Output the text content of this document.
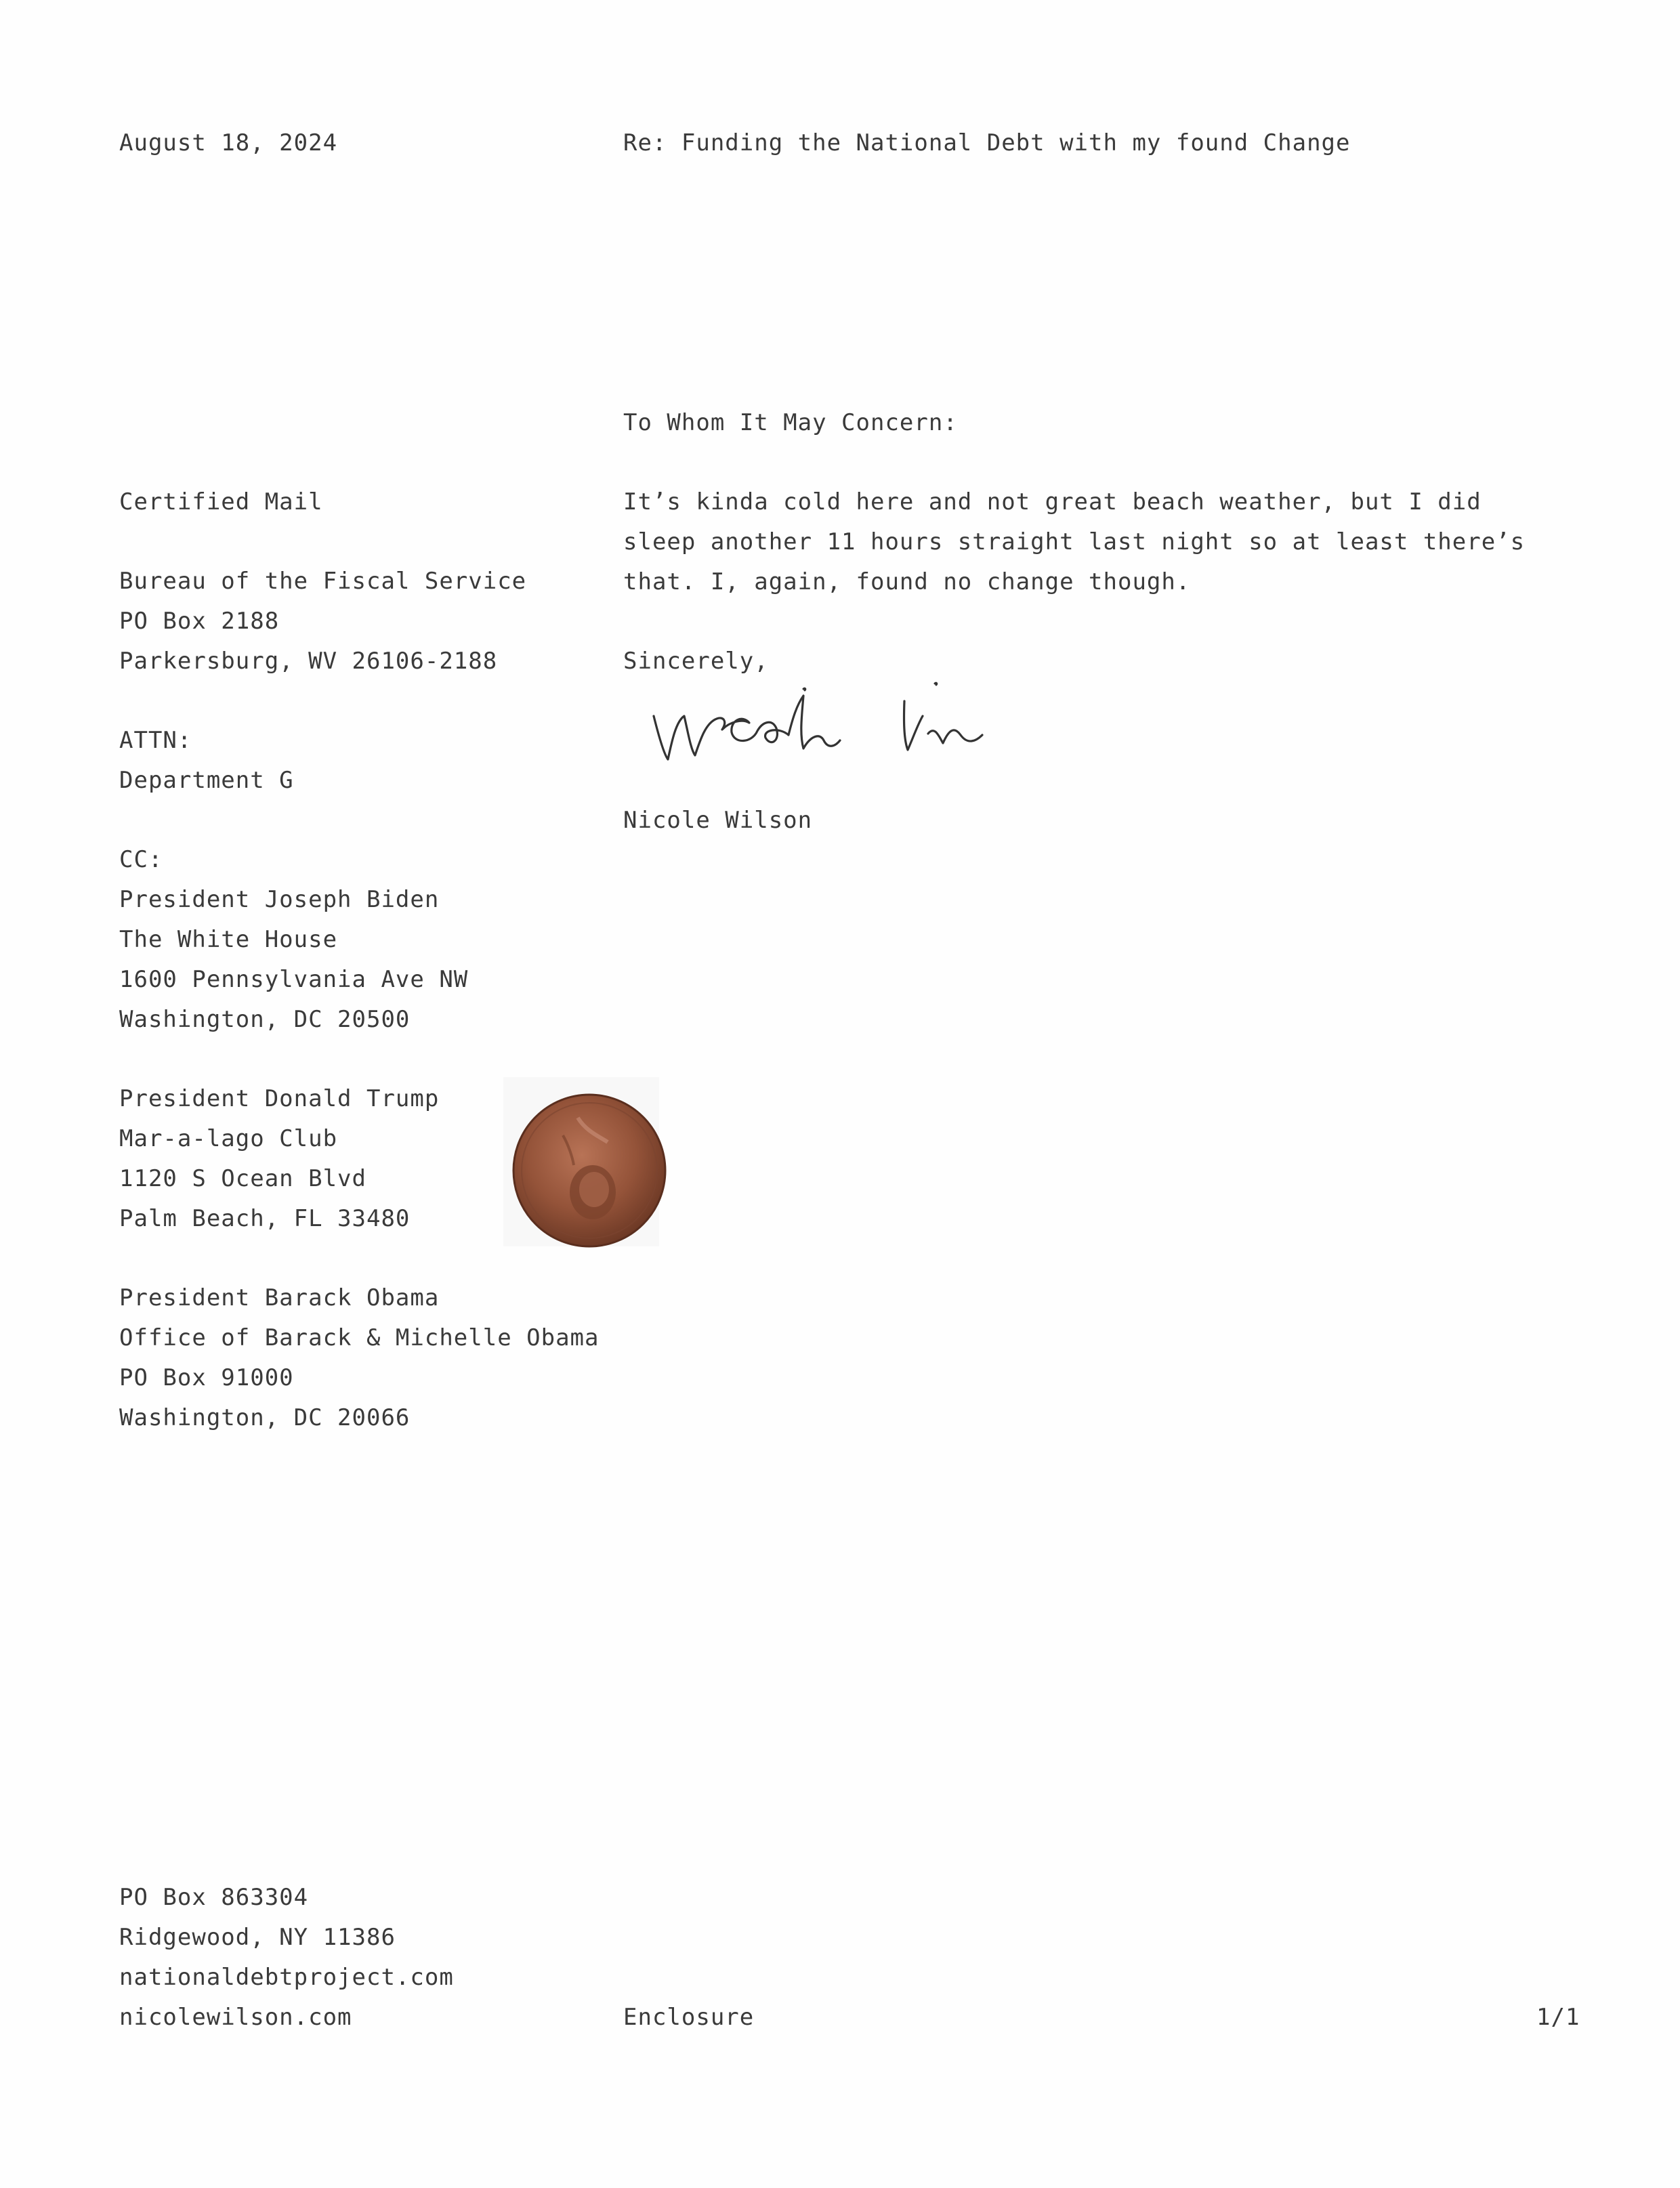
August 18, 2024	Re: Funding the National Debt with my found Change
To Whom It May Concern:
Certified Mail
Bureau of the Fiscal Service
PO Box 2188
Parkersburg, WV 26106-2188
ATTN:
Department G
CC:
President Joseph Biden
The White House
1600 Pennsylvania Ave NW
Washington, DC 20500
President Donald Trump
Mar-a-lago Club
1120 S Ocean Blvd
Palm Beach, FL 33480
President Barack Obama
Office of Barack & Michelle Obama
PO Box 91000
Washington, DC 20066
It’s kinda cold here and not great beach weather, but I did sleep another 11 hours straight last night so at least there’s that. I, again, found no change though.
Sincerely,
Nicole Wilson
PO Box 863304
Ridgewood, NY 11386
nationaldebtproject.com
nicolewilson.com	Enclosure	1/1
